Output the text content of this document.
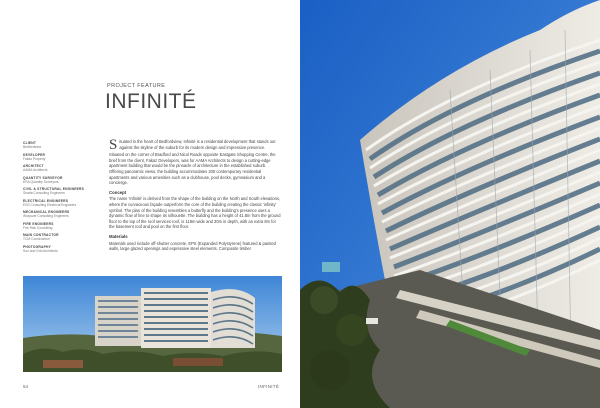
PROJECT FEATURE
INFINITÉ
CLIENT
Bedfordview
DEVELOPER
Fakaz Property
ARCHITECT
AAMA Architects
QUANTITY SURVEYOR
ERA Quantity Surveyors
CIVIL & STRUCTURAL ENGINEERS
Shatta Consulting Engineers
ELECTRICAL ENGINEERS
ESS Consulting Electrical Engineers
MECHANICAL ENGINEERS
Wolpozie Consulting Engineers
FIRE ENGINEERS
Fire Risk Consulting
MAIN CONTRACTOR
TCM Construction
PHOTOGRAPHY
Sun and Grid Architects

S ituated in the heart of Bedfordview, Infinité is a residential development that stands out against the skyline of the suburb for its modern design and impressive presence.

Situated on the corner of Bradford and Nicol Roads opposite Eastgate Shopping Centre, the brief from the client, Fakaz Developers, was for AAMA Architects to design a cutting-edge apartment building that would be the pinnacle of architecture in the established suburb. Offering panoramic views, the building accommodates 200 contemporary residential apartments and various amenities such as a clubhouse, pool decks, gymnasium and a concierge.

Concept

The name 'Infinité' is derived from the shape of the building on the North and South elevations, where the curvaceous façade outperform the core of the building creating the classic 'infinity' symbol. The plan of the building resembles a butterfly and the building's presence uses a dynamic flow of line to shape its silhouette. The building has a height of 41.8m from the ground floor to the top of the roof services roof, is 118m wide and 30m in depth, with an extra 8m for the basement roof and pool on the first floor.

Materials

Materials used include off-shutter concrete, EPS (Expanded Polystyrene) featured & painted walls, large glazed openings and expressive steel elements. Composite timber

54	INFINITÉ
